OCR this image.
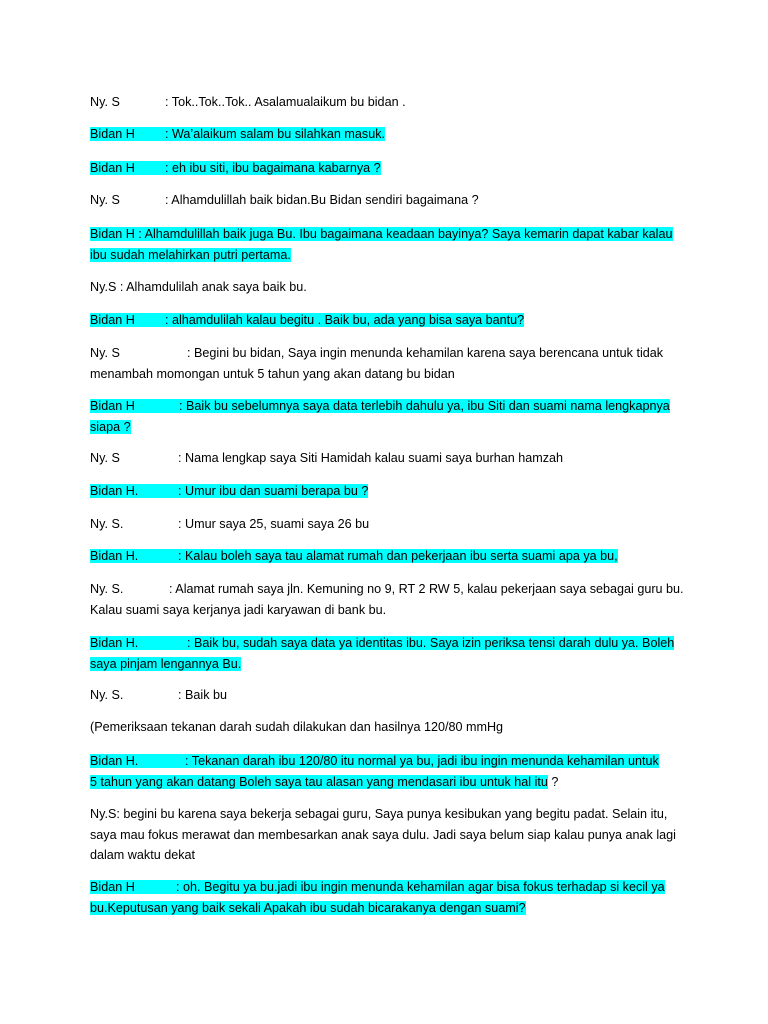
Ny. S	: Tok..Tok..Tok.. Asalamualaikum bu bidan .
Bidan H : Wa’alaikum salam bu silahkan masuk.
Bidan H : eh ibu siti, ibu bagaimana kabarnya ?
Ny. S	: Alhamdulillah baik bidan.Bu Bidan sendiri bagaimana ?
Bidan H : Alhamdulillah baik juga Bu. Ibu bagaimana keadaan bayinya? Saya kemarin dapat kabar kalau
ibu sudah melahirkan putri pertama.
Ny.S : Alhamdulilah anak saya baik bu.
Bidan H : alhamdulilah kalau begitu . Baik bu, ada yang bisa saya bantu?
Ny. S	: Begini bu bidan, Saya ingin menunda kehamilan karena saya berencana untuk tidak
menambah momongan untuk 5 tahun yang akan datang bu bidan
Bidan H	: Baik bu sebelumnya saya data terlebih dahulu ya, ibu Siti dan suami nama lengkapnya
siapa ?
Ny. S	: Nama lengkap saya Siti Hamidah kalau suami saya burhan hamzah
Bidan H.	: Umur ibu dan suami berapa bu ?
Ny. S.	: Umur saya 25, suami saya 26 bu
Bidan H.	: Kalau boleh saya tau alamat rumah dan pekerjaan ibu serta suami apa ya bu,
Ny. S.	: Alamat rumah saya jln. Kemuning no 9, RT 2 RW 5, kalau pekerjaan saya sebagai guru bu.
Kalau suami saya kerjanya jadi karyawan di bank bu.
Bidan H.	: Baik bu, sudah saya data ya identitas ibu. Saya izin periksa tensi darah dulu ya. Boleh
saya pinjam lengannya Bu.
Ny. S.	: Baik bu
(Pemeriksaan tekanan darah sudah dilakukan dan hasilnya 120/80 mmHg
Bidan H.	: Tekanan darah ibu 120/80 itu normal ya bu, jadi ibu ingin menunda kehamilan untuk
5 tahun yang akan datang Boleh saya tau alasan yang mendasari ibu untuk hal itu ?
Ny.S: begini bu karena saya bekerja sebagai guru, Saya punya kesibukan yang begitu padat. Selain itu,
saya mau fokus merawat dan membesarkan anak saya dulu. Jadi saya belum siap kalau punya anak lagi
dalam waktu dekat
Bidan H	: oh. Begitu ya bu.jadi ibu ingin menunda kehamilan agar bisa fokus terhadap si kecil ya
bu.Keputusan yang baik sekali Apakah ibu sudah bicarakanya dengan suami?
